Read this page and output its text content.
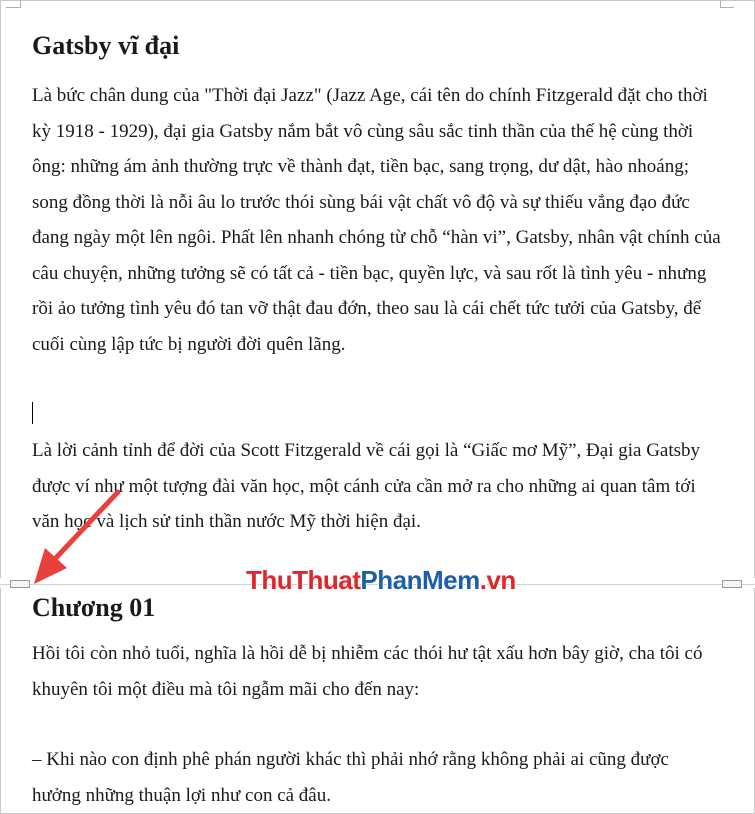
Gatsby vĩ đại

Là bức chân dung của "Thời đại Jazz" (Jazz Age, cái tên do chính Fitzgerald đặt cho thời kỳ 1918 - 1929), đại gia Gatsby nắm bắt vô cùng sâu sắc tinh thần của thế hệ cùng thời ông: những ám ảnh thường trực về thành đạt, tiền bạc, sang trọng, dư dật, hào nhoáng; song đồng thời là nỗi âu lo trước thói sùng bái vật chất vô độ và sự thiếu vắng đạo đức đang ngày một lên ngôi. Phất lên nhanh chóng từ chỗ “hàn vi”, Gatsby, nhân vật chính của câu chuyện, những tưởng sẽ có tất cả - tiền bạc, quyền lực, và sau rốt là tình yêu - nhưng rồi ảo tưởng tình yêu đó tan vỡ thật đau đớn, theo sau là cái chết tức tưởi của Gatsby, để cuối cùng lập tức bị người đời quên lãng.

Là lời cảnh tỉnh để đời của Scott Fitzgerald về cái gọi là “Giấc mơ Mỹ”, Đại gia Gatsby được ví như một tượng đài văn học, một cánh cửa cần mở ra cho những ai quan tâm tới văn học và lịch sử tinh thần nước Mỹ thời hiện đại.

Chương 01

Hồi tôi còn nhỏ tuổi, nghĩa là hồi dễ bị nhiễm các thói hư tật xấu hơn bây giờ, cha tôi có khuyên tôi một điều mà tôi ngẫm mãi cho đến nay:

– Khi nào con định phê phán người khác thì phải nhớ rằng không phải ai cũng được hưởng những thuận lợi như con cả đâu.

ThuThuatPhanMem.vn
